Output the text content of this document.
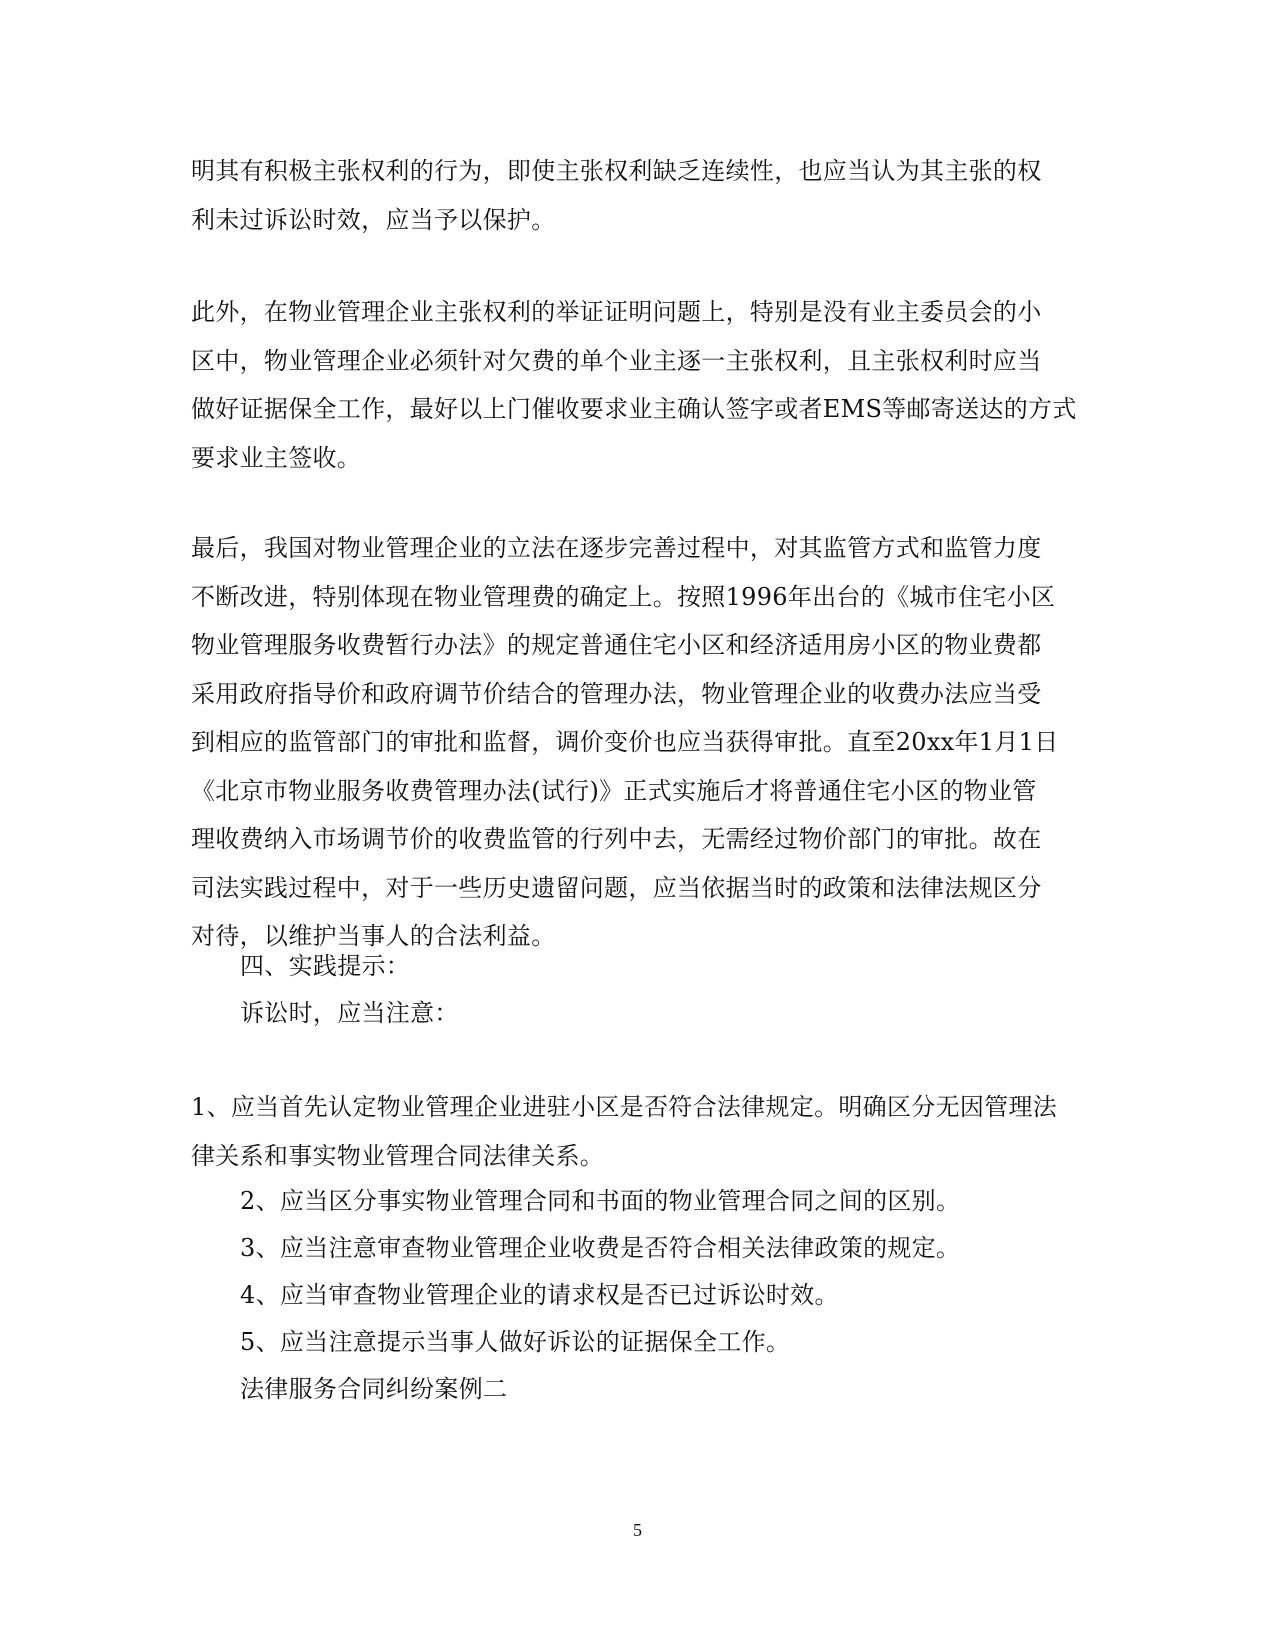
明其有积极主张权利的行为，即使主张权利缺乏连续性，也应当认为其主张的权
利未过诉讼时效，应当予以保护。

此外，在物业管理企业主张权利的举证证明问题上，特别是没有业主委员会的小
区中，物业管理企业必须针对欠费的单个业主逐一主张权利，且主张权利时应当
做好证据保全工作，最好以上门催收要求业主确认签字或者EMS等邮寄送达的方式
要求业主签收。

最后，我国对物业管理企业的立法在逐步完善过程中，对其监管方式和监管力度
不断改进，特别体现在物业管理费的确定上。按照1996年出台的《城市住宅小区
物业管理服务收费暂行办法》的规定普通住宅小区和经济适用房小区的物业费都
采用政府指导价和政府调节价结合的管理办法，物业管理企业的收费办法应当受
到相应的监管部门的审批和监督，调价变价也应当获得审批。直至20xx年1月1日
《北京市物业服务收费管理办法(试行)》正式实施后才将普通住宅小区的物业管
理收费纳入市场调节价的收费监管的行列中去，无需经过物价部门的审批。故在
司法实践过程中，对于一些历史遗留问题，应当依据当时的政策和法律法规区分
对待，以维护当事人的合法利益。

四、实践提示：

诉讼时，应当注意：

1、应当首先认定物业管理企业进驻小区是否符合法律规定。明确区分无因管理法
律关系和事实物业管理合同法律关系。

2、应当区分事实物业管理合同和书面的物业管理合同之间的区别。

3、应当注意审查物业管理企业收费是否符合相关法律政策的规定。

4、应当审查物业管理企业的请求权是否已过诉讼时效。

5、应当注意提示当事人做好诉讼的证据保全工作。

法律服务合同纠纷案例二

5
